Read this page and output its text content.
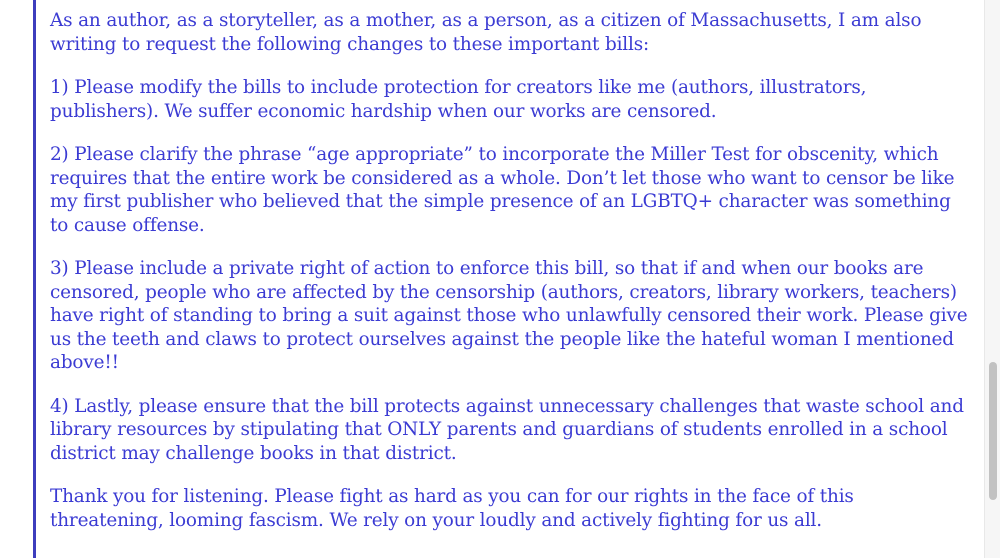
As an author, as a storyteller, as a mother, as a person, as a citizen of Massachusetts, I am also
writing to request the following changes to these important bills:

1) Please modify the bills to include protection for creators like me (authors, illustrators,
publishers). We suffer economic hardship when our works are censored.

2) Please clarify the phrase “age appropriate” to incorporate the Miller Test for obscenity, which
requires that the entire work be considered as a whole. Don’t let those who want to censor be like
my first publisher who believed that the simple presence of an LGBTQ+ character was something
to cause offense.

3) Please include a private right of action to enforce this bill, so that if and when our books are
censored, people who are affected by the censorship (authors, creators, library workers, teachers)
have right of standing to bring a suit against those who unlawfully censored their work. Please give
us the teeth and claws to protect ourselves against the people like the hateful woman I mentioned
above!!

4) Lastly, please ensure that the bill protects against unnecessary challenges that waste school and
library resources by stipulating that ONLY parents and guardians of students enrolled in a school
district may challenge books in that district.

Thank you for listening. Please fight as hard as you can for our rights in the face of this
threatening, looming fascism. We rely on your loudly and actively fighting for us all.
